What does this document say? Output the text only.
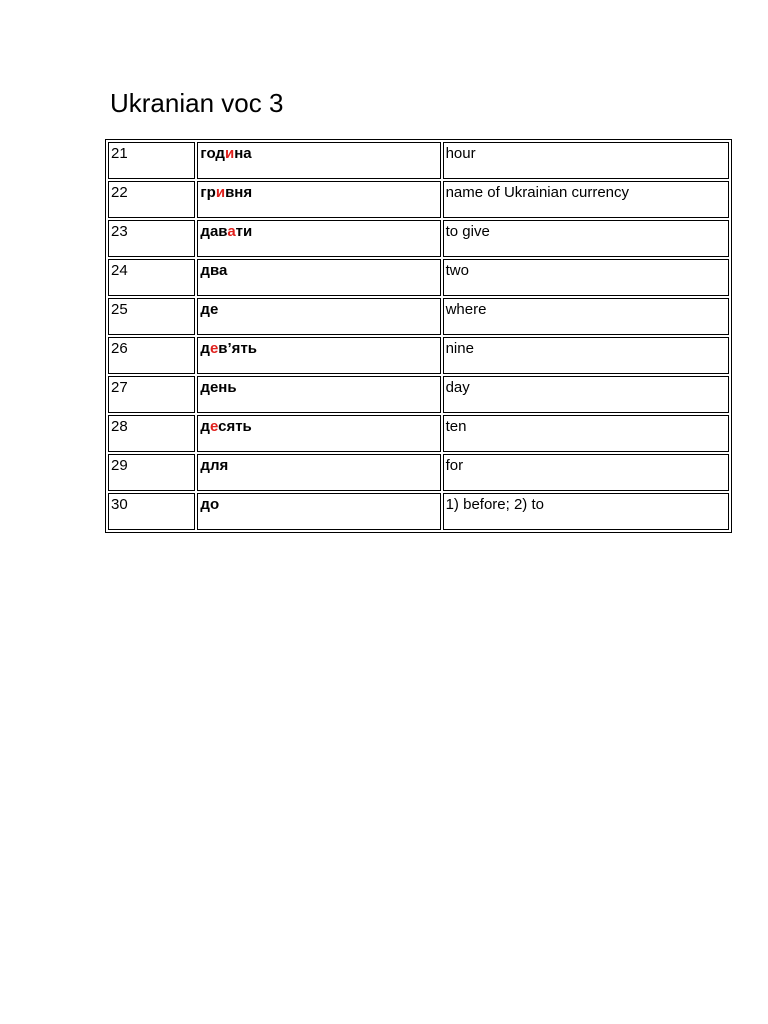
Ukranian voc 3
21	година	hour
22	гривня	name of Ukrainian currency
23	давати	to give
24	два	two
25	де	where
26	дев’ять	nine
27	день	day
28	десять	ten
29	для	for
30	до	1) before; 2) to
